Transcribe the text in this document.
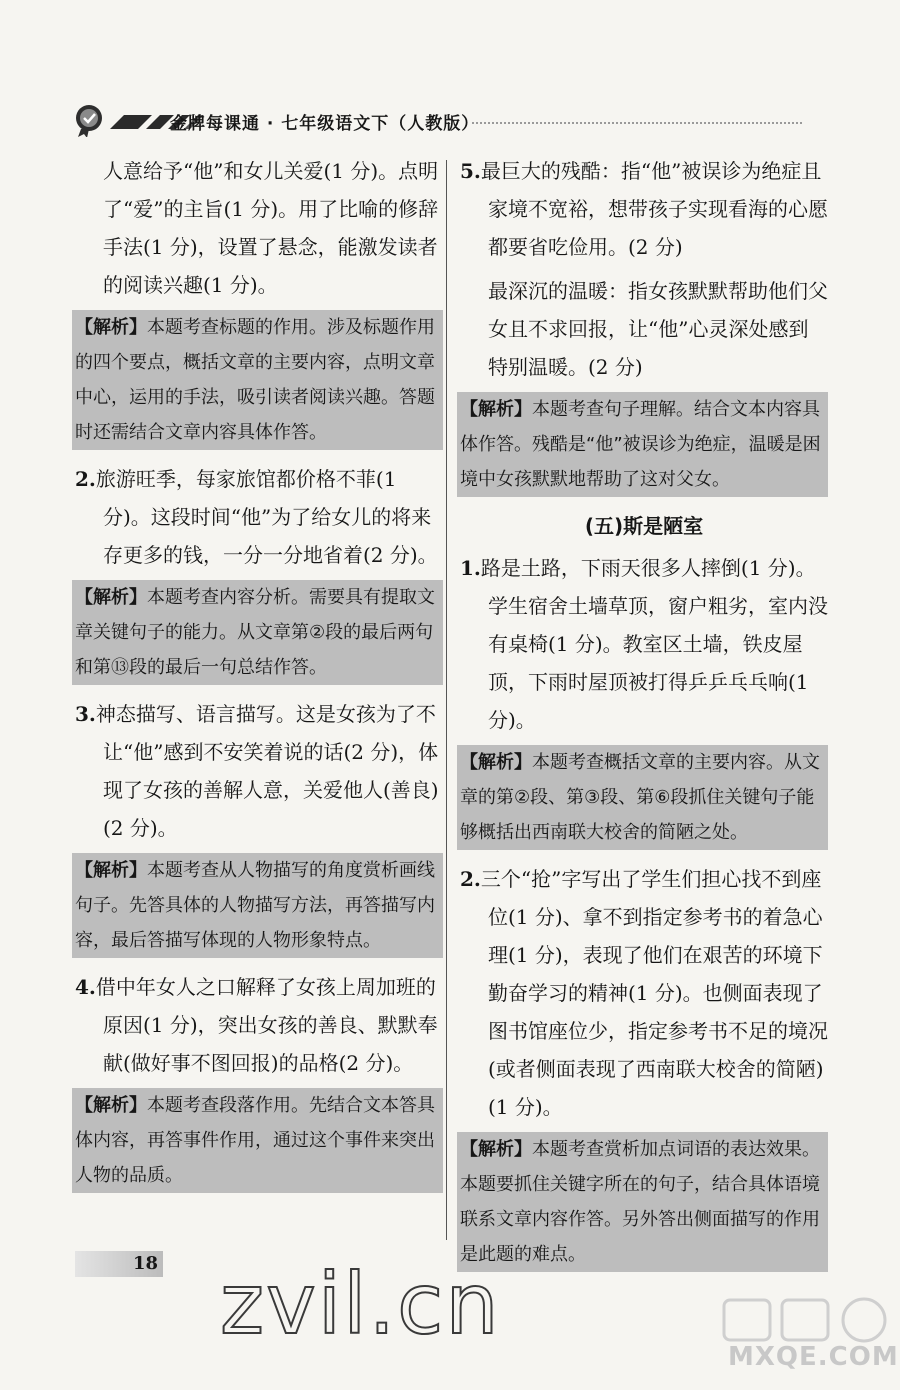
金牌每课通 · 七年级语文下（人教版）

人意给予“他”和女儿关爱(1 分)。点明了“爱”的主旨(1 分)。用了比喻的修辞手法(1 分)，设置了悬念，能激发读者的阅读兴趣(1 分)。

【解析】本题考查标题的作用。涉及标题作用的四个要点，概括文章的主要内容，点明文章中心，运用的手法，吸引读者阅读兴趣。答题时还需结合文章内容具体作答。

2.旅游旺季，每家旅馆都价格不菲(1 分)。这段时间“他”为了给女儿的将来存更多的钱，一分一分地省着(2 分)。

【解析】本题考查内容分析。需要具有提取文章关键句子的能力。从文章第②段的最后两句和第⑬段的最后一句总结作答。

3.神态描写、语言描写。这是女孩为了不让“他”感到不安笑着说的话(2 分)，体现了女孩的善解人意，关爱他人(善良)(2 分)。

【解析】本题考查从人物描写的角度赏析画线句子。先答具体的人物描写方法，再答描写内容，最后答描写体现的人物形象特点。

4.借中年女人之口解释了女孩上周加班的原因(1 分)，突出女孩的善良、默默奉献(做好事不图回报)的品格(2 分)。

【解析】本题考查段落作用。先结合文本答具体内容，再答事件作用，通过这个事件来突出人物的品质。

5.最巨大的残酷：指“他”被误诊为绝症且家境不宽裕，想带孩子实现看海的心愿都要省吃俭用。(2 分)

最深沉的温暖：指女孩默默帮助他们父女且不求回报，让“他”心灵深处感到特别温暖。(2 分)

【解析】本题考查句子理解。结合文本内容具体作答。残酷是“他”被误诊为绝症，温暖是困境中女孩默默地帮助了这对父女。
(五)斯是陋室

1.路是土路，下雨天很多人摔倒(1 分)。学生宿舍土墙草顶，窗户粗劣，室内没有桌椅(1 分)。教室区土墙，铁皮屋顶，下雨时屋顶被打得乒乒乓乓响(1 分)。

【解析】本题考查概括文章的主要内容。从文章的第②段、第③段、第⑥段抓住关键句子能够概括出西南联大校舍的简陋之处。

2.三个“抢”字写出了学生们担心找不到座位(1 分)、拿不到指定参考书的着急心理(1 分)，表现了他们在艰苦的环境下勤奋学习的精神(1 分)。也侧面表现了图书馆座位少，指定参考书不足的境况(或者侧面表现了西南联大校舍的简陋)(1 分)。

【解析】本题考查赏析加点词语的表达效果。本题要抓住关键字所在的句子，结合具体语境联系文章内容作答。另外答出侧面描写的作用是此题的难点。
18 zvil.cn
MXQE.COM
